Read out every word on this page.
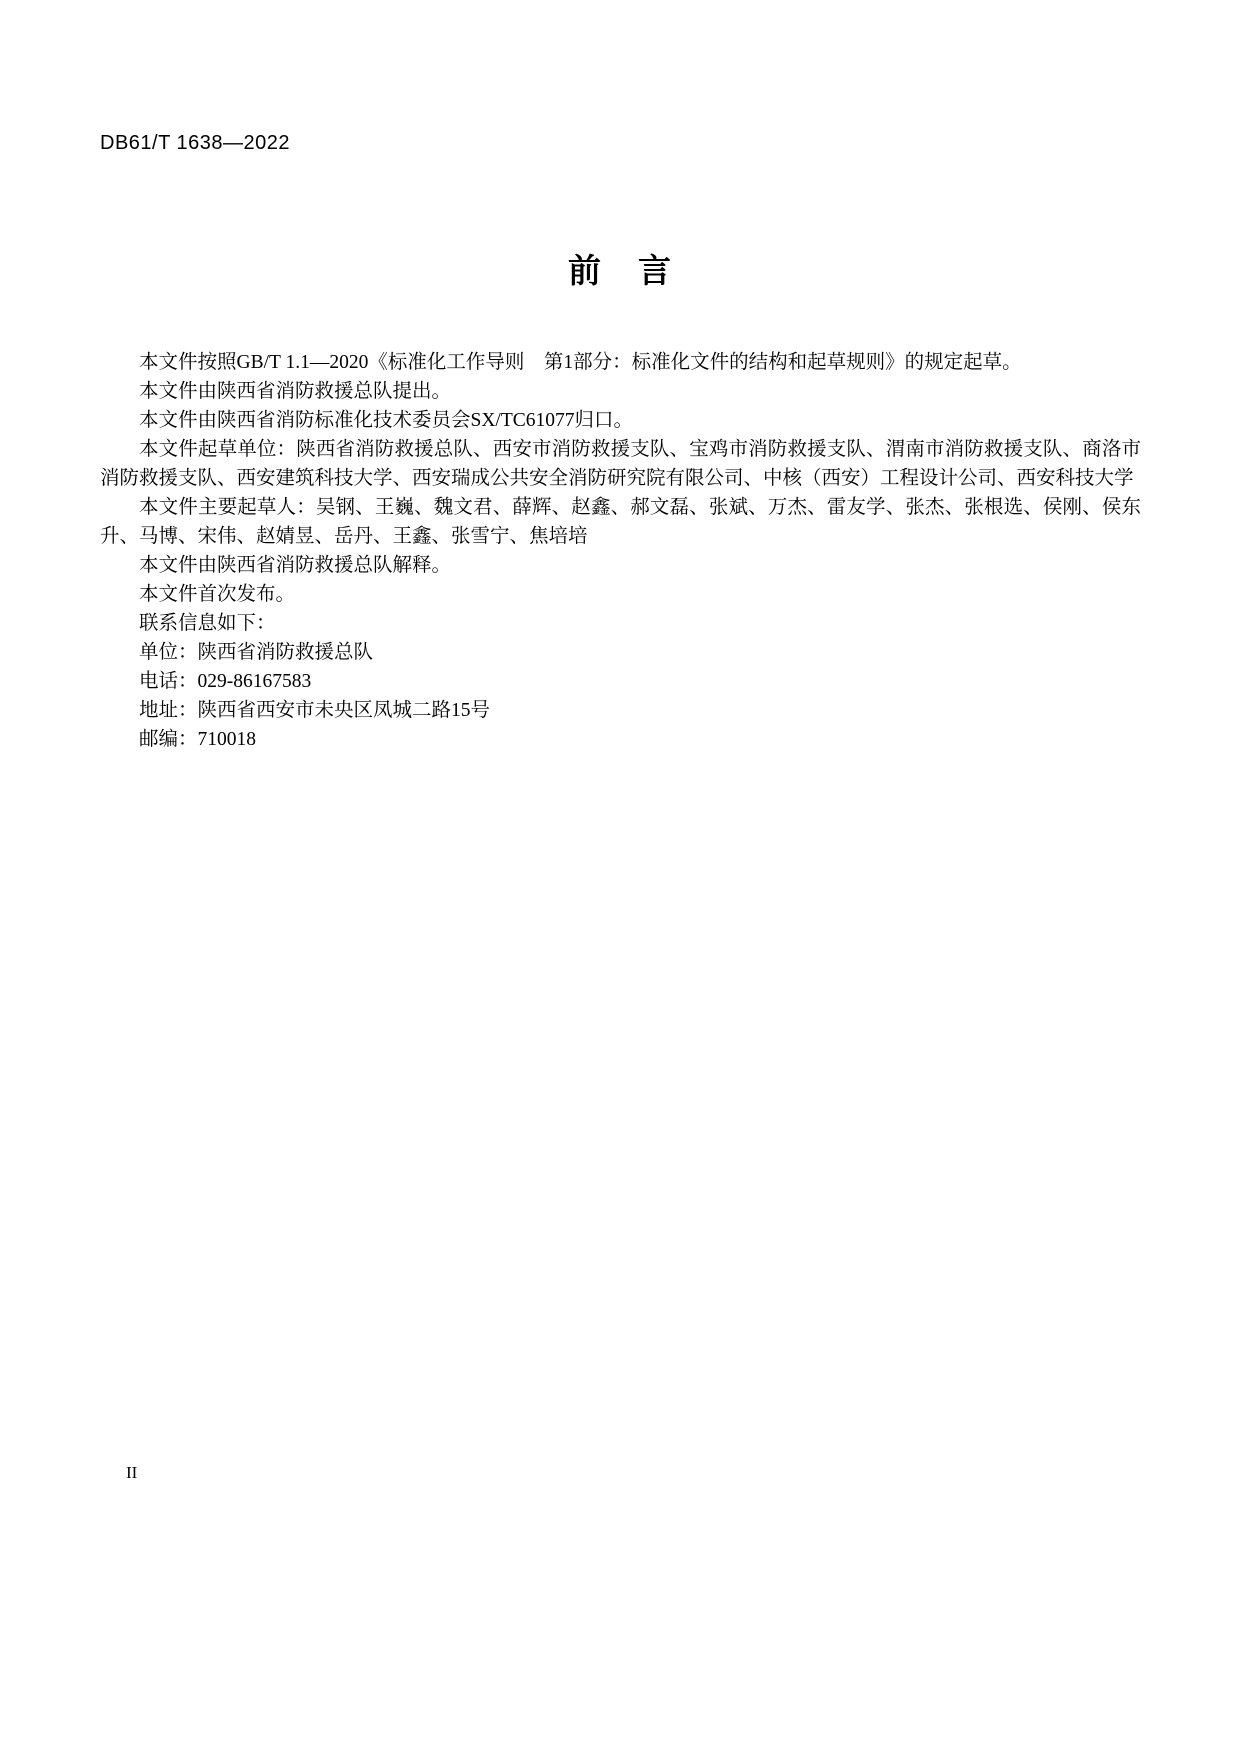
DB61/T 1638—2022
前　言

本文件按照GB/T 1.1—2020《标准化工作导则　第1部分：标准化文件的结构和起草规则》的规定起草。

本文件由陕西省消防救援总队提出。

本文件由陕西省消防标准化技术委员会SX/TC61077归口。

本文件起草单位：陕西省消防救援总队、西安市消防救援支队、宝鸡市消防救援支队、渭南市消防救援支队、商洛市消防救援支队、西安建筑科技大学、西安瑞成公共安全消防研究院有限公司、中核（西安）工程设计公司、西安科技大学

本文件主要起草人：吴钢、王巍、魏文君、薛辉、赵鑫、郝文磊、张斌、万杰、雷友学、张杰、张根选、侯刚、侯东升、马博、宋伟、赵婧昱、岳丹、王鑫、张雪宁、焦培培

本文件由陕西省消防救援总队解释。

本文件首次发布。

联系信息如下：

单位：陕西省消防救援总队

电话：029-86167583

地址：陕西省西安市未央区凤城二路15号

邮编：710018

II
